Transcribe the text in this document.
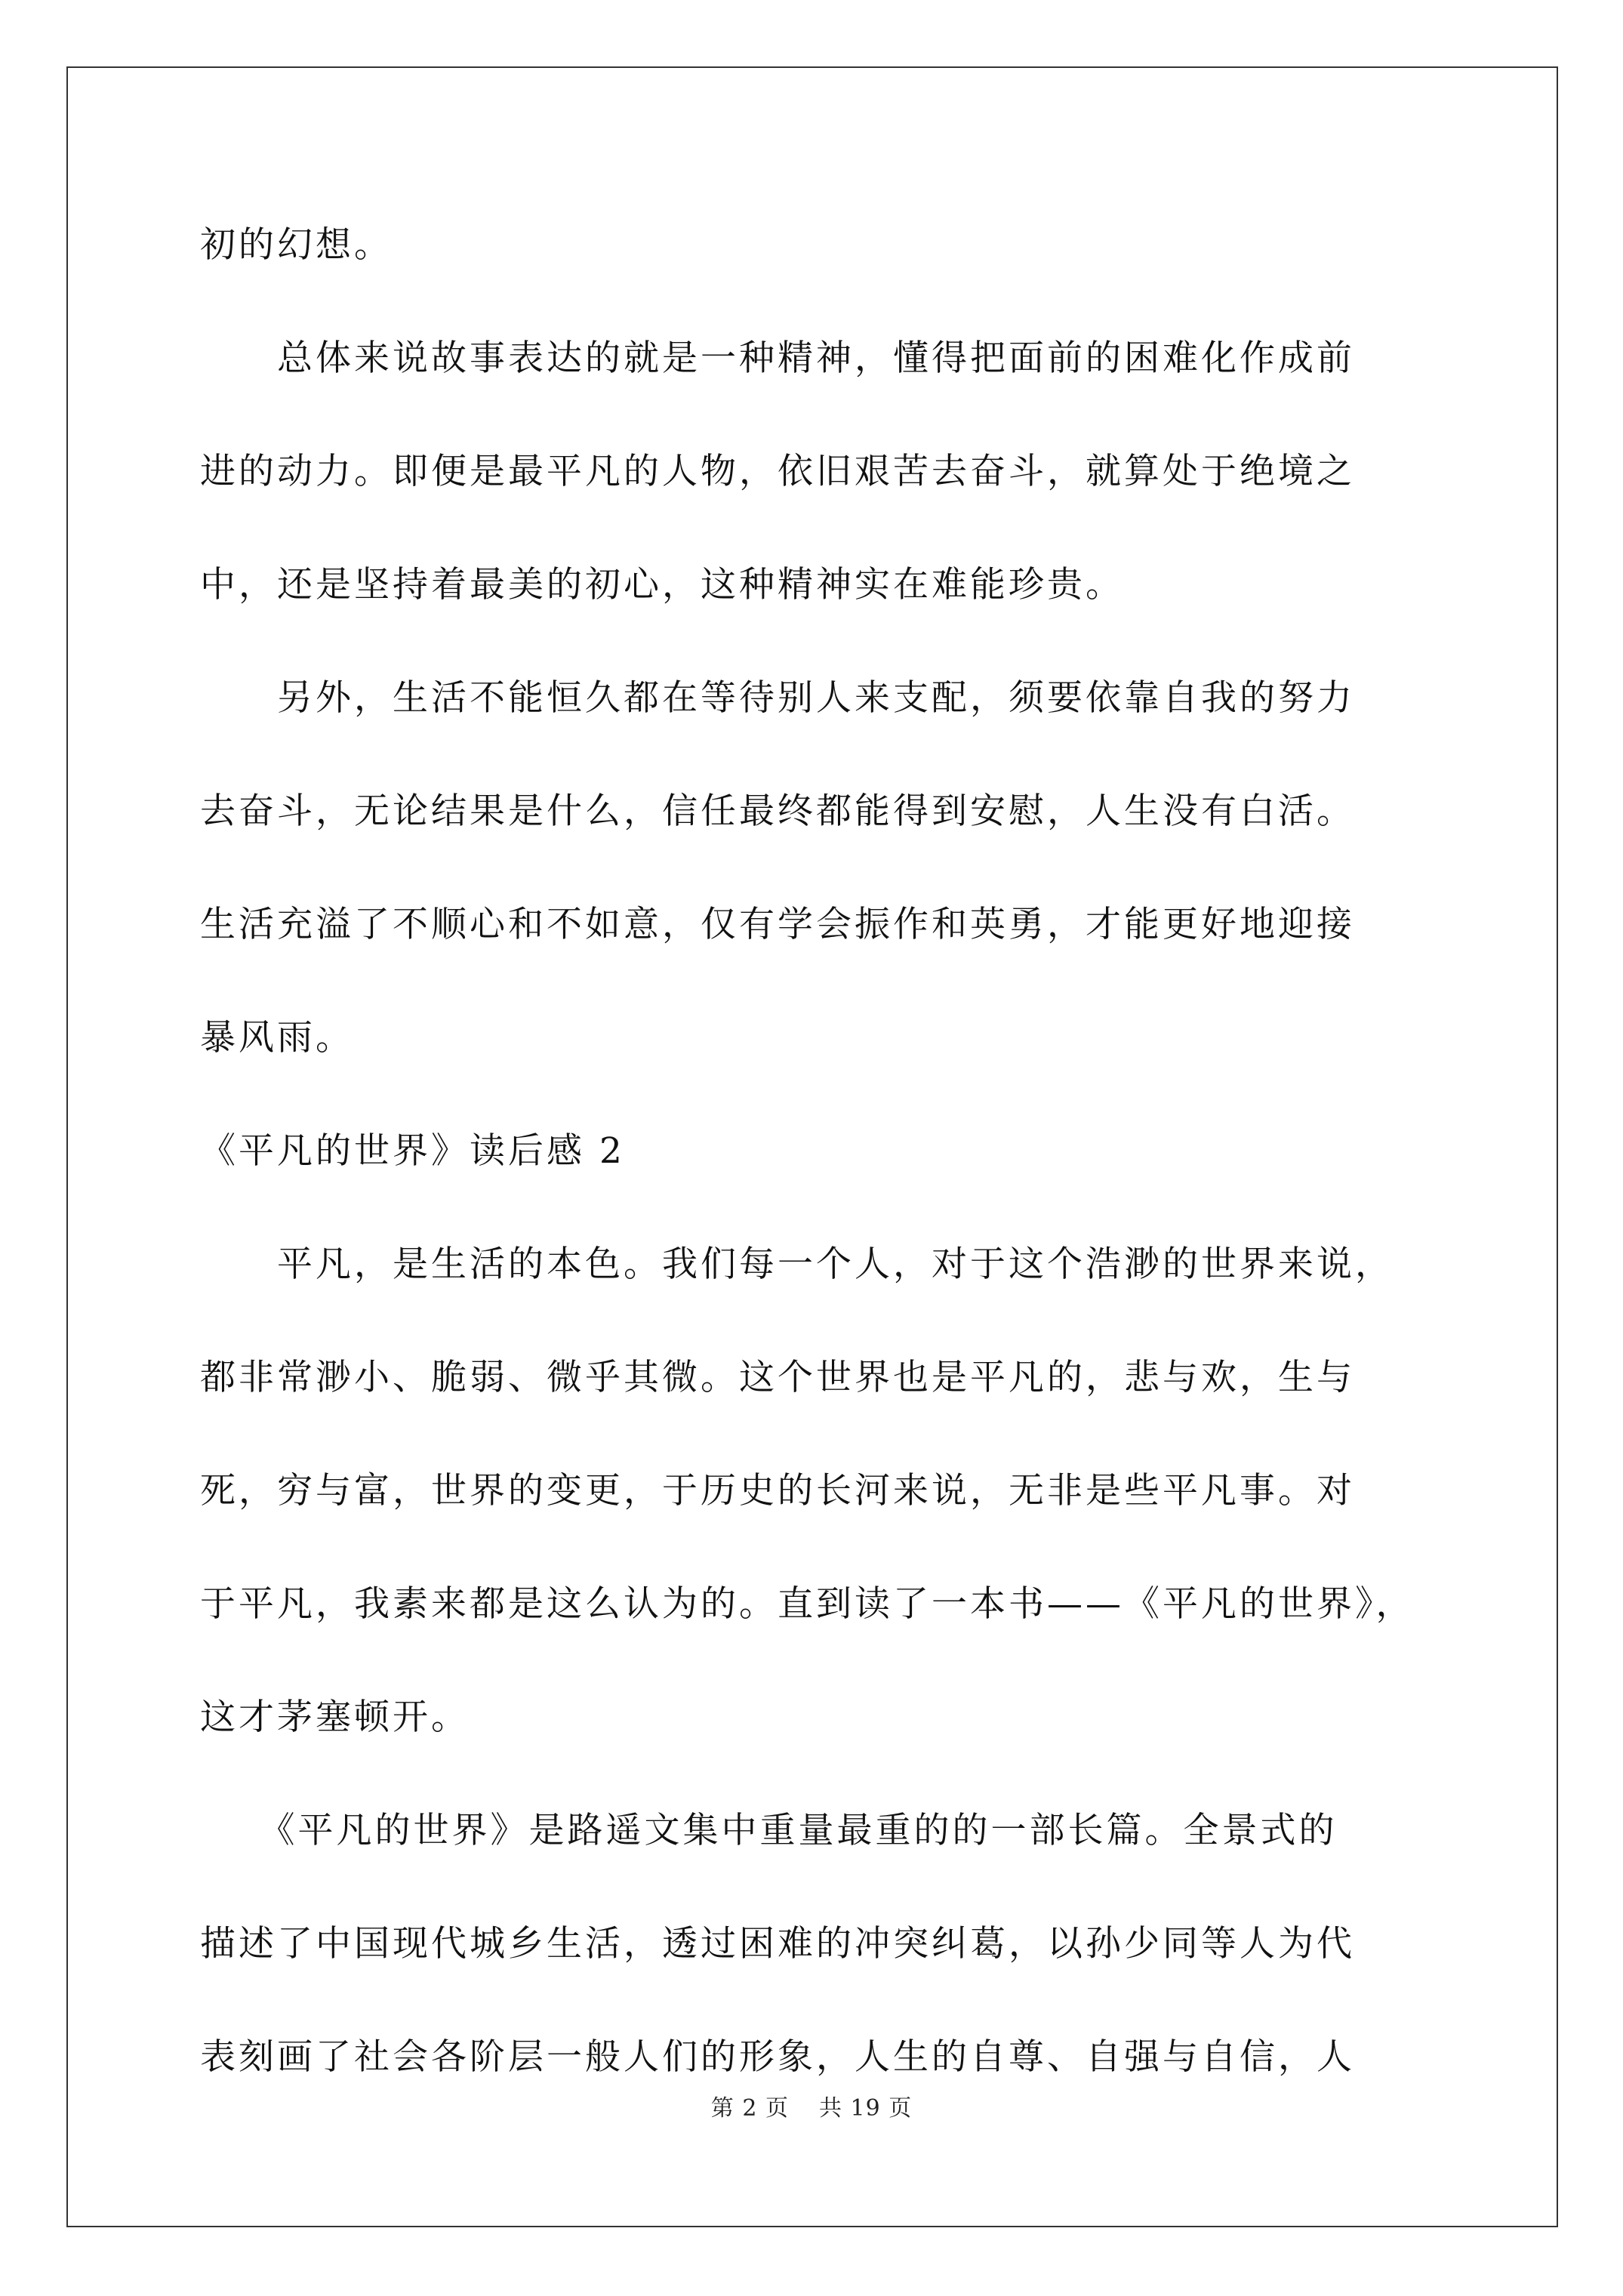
初的幻想。

　　总体来说故事表达的就是一种精神，懂得把面前的困难化作成前

进的动力。即便是最平凡的人物，依旧艰苦去奋斗，就算处于绝境之

中，还是坚持着最美的初心，这种精神实在难能珍贵。

　　另外，生活不能恒久都在等待别人来支配，须要依靠自我的努力

去奋斗，无论结果是什么，信任最终都能得到安慰，人生没有白活。

生活充溢了不顺心和不如意，仅有学会振作和英勇，才能更好地迎接

暴风雨。

《平凡的世界》读后感 2

　　平凡，是生活的本色。我们每一个人，对于这个浩渺的世界来说，

都非常渺小、脆弱、微乎其微。这个世界也是平凡的，悲与欢，生与

死，穷与富，世界的变更，于历史的长河来说，无非是些平凡事。对

于平凡，我素来都是这么认为的。直到读了一本书——《平凡的世界》，

这才茅塞顿开。

　　《平凡的世界》是路遥文集中重量最重的的一部长篇。全景式的

描述了中国现代城乡生活，透过困难的冲突纠葛，以孙少同等人为代

表刻画了社会各阶层一般人们的形象，人生的自尊、自强与自信，人

第 2 页 共 19 页
